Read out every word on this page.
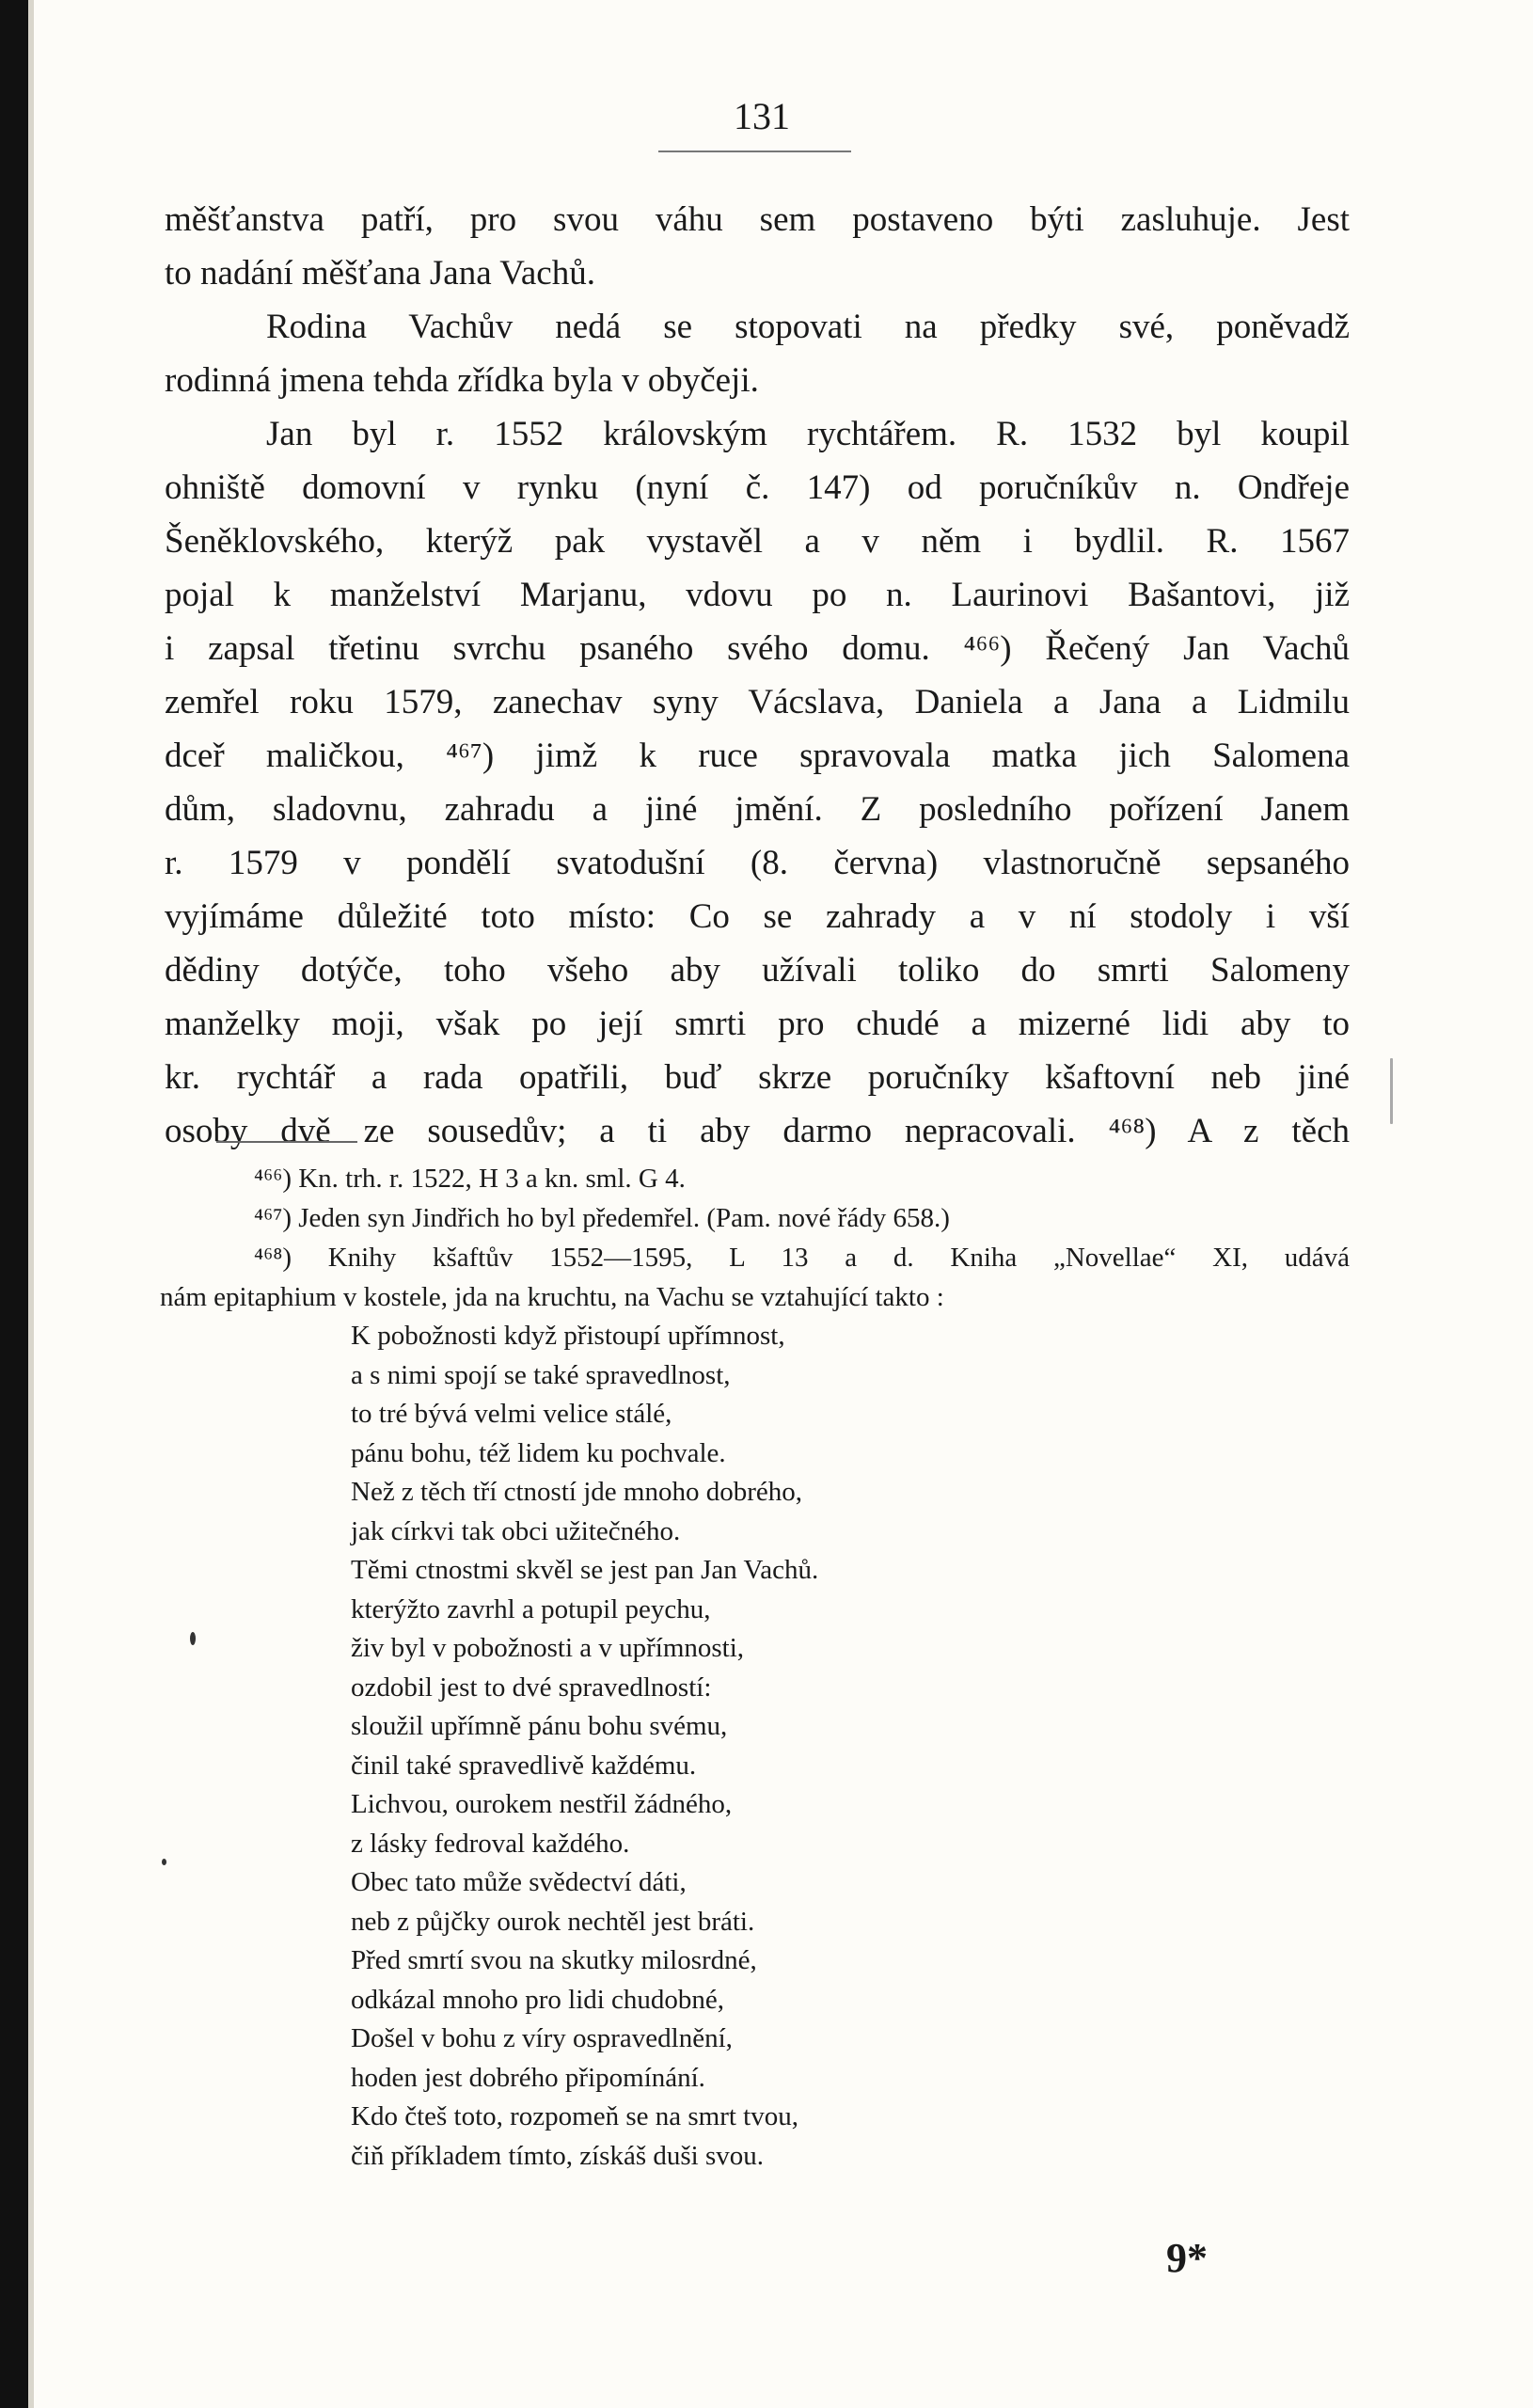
131
měšťanstva patří, pro svou váhu sem postaveno býti zasluhuje. Jest
to nadání měšťana Jana Vachů.
Rodina Vachův nedá se stopovati na předky své, poněvadž
rodinná jmena tehda zřídka byla v obyčeji.
Jan byl r. 1552 královským rychtářem. R. 1532 byl koupil
ohniště domovní v rynku (nyní č. 147) od poručníkův n. Ondřeje
Šeněklovského, kterýž pak vystavěl a v něm i bydlil. R. 1567
pojal k manželství Marjanu, vdovu po n. Laurinovi Bašantovi, již
i zapsal třetinu svrchu psaného svého domu. ⁴⁶⁶) Řečený Jan Vachů
zemřel roku 1579, zanechav syny Vácslava, Daniela a Jana a Lidmilu
dceř maličkou, ⁴⁶⁷) jimž k ruce spravovala matka jich Salomena
dům, sladovnu, zahradu a jiné jmění. Z posledního pořízení Janem
r. 1579 v pondělí svatodušní (8. června) vlastnoručně sepsaného
vyjímáme důležité toto místo: Co se zahrady a v ní stodoly i vší
dědiny dotýče, toho všeho aby užívali toliko do smrti Salomeny
manželky moji, však po její smrti pro chudé a mizerné lidi aby to
kr. rychtář a rada opatřili, buď skrze poručníky kšaftovní neb jiné
osoby dvě ze sousedův; a ti aby darmo nepracovali. ⁴⁶⁸) A z těch
⁴⁶⁶) Kn. trh. r. 1522, H 3 a kn. sml. G 4.
⁴⁶⁷) Jeden syn Jindřich ho byl předemřel. (Pam. nové řády 658.)
⁴⁶⁸) Knihy kšaftův 1552—1595, L 13 a d. Kniha „Novellae“ XI, udává
nám epitaphium v kostele, jda na kruchtu, na Vachu se vztahující takto :
K pobožnosti když přistoupí upřímnost,
a s nimi spojí se také spravedlnost,
to tré bývá velmi velice stálé,
pánu bohu, též lidem ku pochvale.
Než z těch tří ctností jde mnoho dobrého,
jak církvi tak obci užitečného.
Těmi ctnostmi skvěl se jest pan Jan Vachů.
kterýžto zavrhl a potupil peychu,
živ byl v pobožnosti a v upřímnosti,
ozdobil jest to dvé spravedlností:
sloužil upřímně pánu bohu svému,
činil také spravedlivě každému.
Lichvou, ourokem nestřil žádného,
z lásky fedroval každého.
Obec tato může svědectví dáti,
neb z půjčky ourok nechtěl jest bráti.
Před smrtí svou na skutky milosrdné,
odkázal mnoho pro lidi chudobné,
Došel v bohu z víry ospravedlnění,
hoden jest dobrého připomínání.
Kdo čteš toto, rozpomeň se na smrt tvou,
čiň příkladem tímto, získáš duši svou.
9*
